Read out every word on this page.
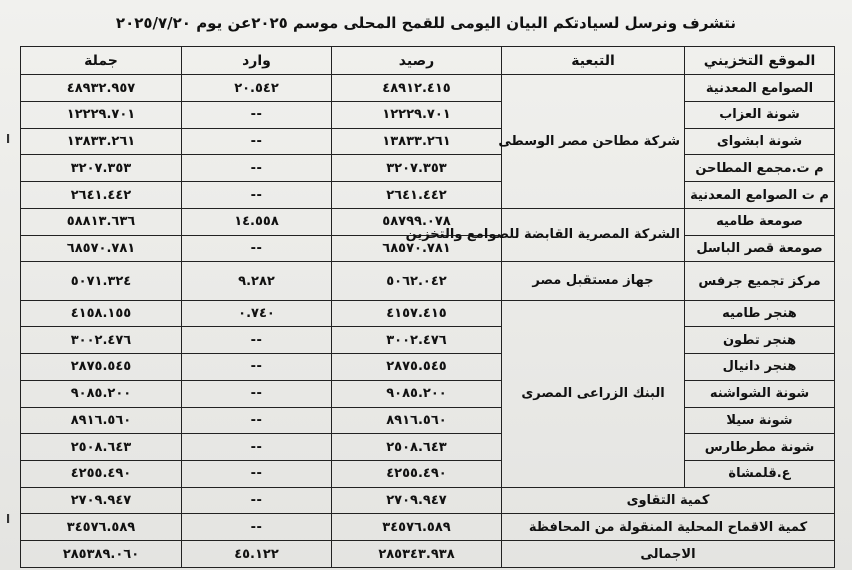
نتشرف ونرسل لسيادتكم البيان اليومى للقمح المحلى موسم ٢٠٢٥عن يوم ٢٠٢٥/٧/٢٠
الموقع التخزيني	التبعية	رصيد	وارد	جملة
الصوامع المعدنية	شركة مطاحن مصر الوسطى	٤٨٩١٢.٤١٥	٢٠.٥٤٢	٤٨٩٣٢.٩٥٧
شونة العزاب		١٢٢٢٩.٧٠١	--	١٢٢٢٩.٧٠١
شونة ابشواى		١٣٨٣٣.٢٦١	--	١٣٨٣٣.٢٦١
م ت.مجمع المطاحن		٣٢٠٧.٣٥٣	--	٣٢٠٧.٣٥٣
م ت الصوامع المعدنية		٢٦٤١.٤٤٢	--	٢٦٤١.٤٤٢
صومعة طاميه	الشركة المصرية القابضة للصوامع والتخزين	٥٨٧٩٩.٠٧٨	١٤.٥٥٨	٥٨٨١٣.٦٣٦
صومعة قصر الباسل		٦٨٥٧٠.٧٨١	--	٦٨٥٧٠.٧٨١
مركز تجميع جرفس	جهاز مستقبل مصر	٥٠٦٢.٠٤٢	٩.٢٨٢	٥٠٧١.٣٢٤
هنجر طاميه	البنك الزراعى المصرى	٤١٥٧.٤١٥	٠.٧٤٠	٤١٥٨.١٥٥
هنجر تطون		٣٠٠٢.٤٧٦	--	٣٠٠٢.٤٧٦
هنجر دانيال		٢٨٧٥.٥٤٥	--	٢٨٧٥.٥٤٥
شونة الشواشنه		٩٠٨٥.٢٠٠	--	٩٠٨٥.٢٠٠
شونة سيلا		٨٩١٦.٥٦٠	--	٨٩١٦.٥٦٠
شونة مطرطارس		٢٥٠٨.٦٤٣	--	٢٥٠٨.٦٤٣
ع.قلمشاة		٤٢٥٥.٤٩٠	--	٤٢٥٥.٤٩٠
كمية التقاوى		٢٧٠٩.٩٤٧	--	٢٧٠٩.٩٤٧
كمية الاقماح المحلية المنقولة من المحافظة		٣٤٥٧٦.٥٨٩	--	٣٤٥٧٦.٥٨٩
الاجمالى		٢٨٥٣٤٣.٩٣٨	٤٥.١٢٢	٢٨٥٣٨٩.٠٦٠
ا
ا
